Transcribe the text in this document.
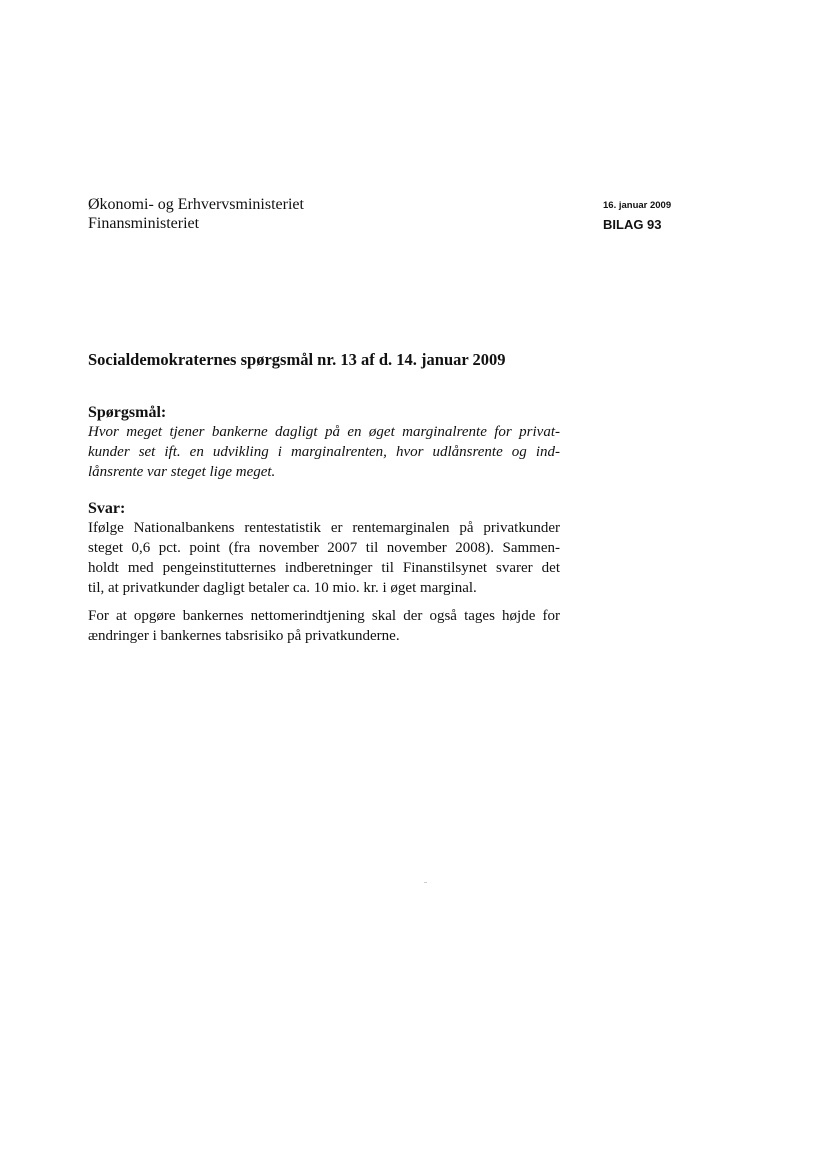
Økonomi- og Erhvervsministeriet
Finansministeriet
16. januar 2009
BILAG 93
Socialdemokraternes spørgsmål nr. 13 af d. 14. januar 2009
Spørgsmål:
Hvor meget tjener bankerne dagligt på en øget marginalrente for privat-
kunder set ift. en udvikling i marginalrenten, hvor udlånsrente og ind-
lånsrente var steget lige meget.
Svar:
Ifølge Nationalbankens rentestatistik er rentemarginalen på privatkunder
steget 0,6 pct. point (fra november 2007 til november 2008). Sammen-
holdt med pengeinstitutternes indberetninger til Finanstilsynet svarer det
til, at privatkunder dagligt betaler ca. 10 mio. kr. i øget marginal.
For at opgøre bankernes nettomerindtjening skal der også tages højde for
ændringer i bankernes tabsrisiko på privatkunderne.
